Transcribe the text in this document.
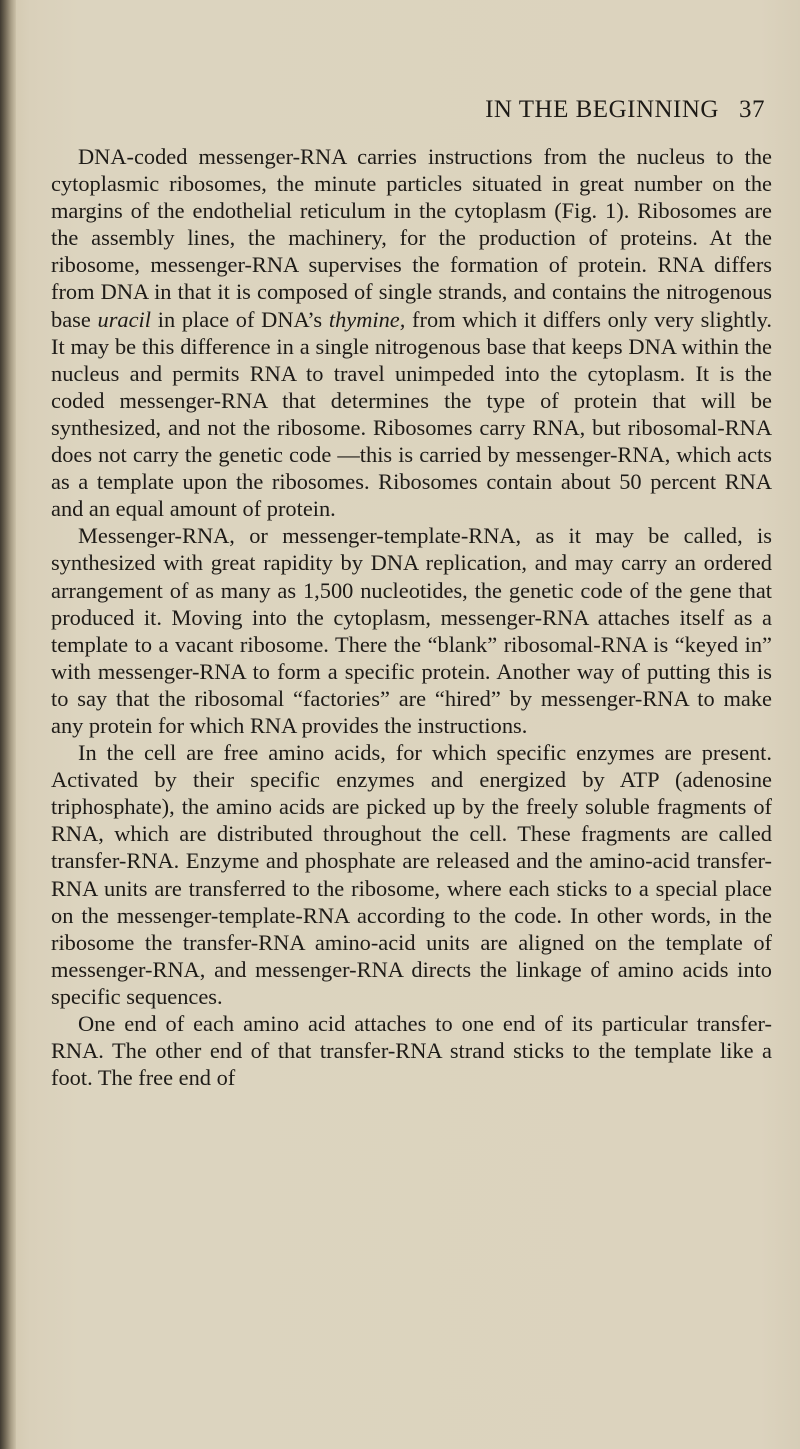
IN THE BEGINNING 37

DNA-coded messenger-RNA carries instructions from the nucleus to the cytoplasmic ribosomes, the minute particles situated in great number on the margins of the endothelial reticulum in the cytoplasm (Fig. 1). Ribosomes are the assembly lines, the machinery, for the production of proteins. At the ribosome, messenger-RNA supervises the formation of protein. RNA differs from DNA in that it is composed of single strands, and contains the nitrogenous base uracil in place of DNA’s thymine, from which it differs only very slightly. It may be this difference in a single nitrogenous base that keeps DNA within the nucleus and permits RNA to travel unimpeded into the cytoplasm. It is the coded messenger-RNA that determines the type of protein that will be synthesized, and not the ribosome. Ribosomes carry RNA, but ribosomal-RNA does not carry the genetic code —this is carried by messenger-RNA, which acts as a template upon the ribosomes. Ribosomes contain about 50 percent RNA and an equal amount of protein.

Messenger-RNA, or messenger-template-RNA, as it may be called, is synthesized with great rapidity by DNA replication, and may carry an ordered arrangement of as many as 1,500 nucleotides, the genetic code of the gene that produced it. Moving into the cytoplasm, messenger-RNA attaches itself as a template to a vacant ribosome. There the “blank” ribosomal-RNA is “keyed in” with messenger-RNA to form a specific protein. Another way of putting this is to say that the ribosomal “factories” are “hired” by messenger-RNA to make any protein for which RNA provides the instructions.

In the cell are free amino acids, for which specific enzymes are present. Activated by their specific enzymes and energized by ATP (adenosine triphosphate), the amino acids are picked up by the freely soluble fragments of RNA, which are distributed throughout the cell. These fragments are called transfer-RNA. Enzyme and phosphate are released and the amino-acid transfer-RNA units are transferred to the ribosome, where each sticks to a special place on the messenger-template-RNA according to the code. In other words, in the ribosome the transfer-RNA amino-acid units are aligned on the template of messenger-RNA, and messenger-RNA directs the linkage of amino acids into specific sequences.

One end of each amino acid attaches to one end of its particular transfer-RNA. The other end of that transfer-RNA strand sticks to the template like a foot. The free end of
